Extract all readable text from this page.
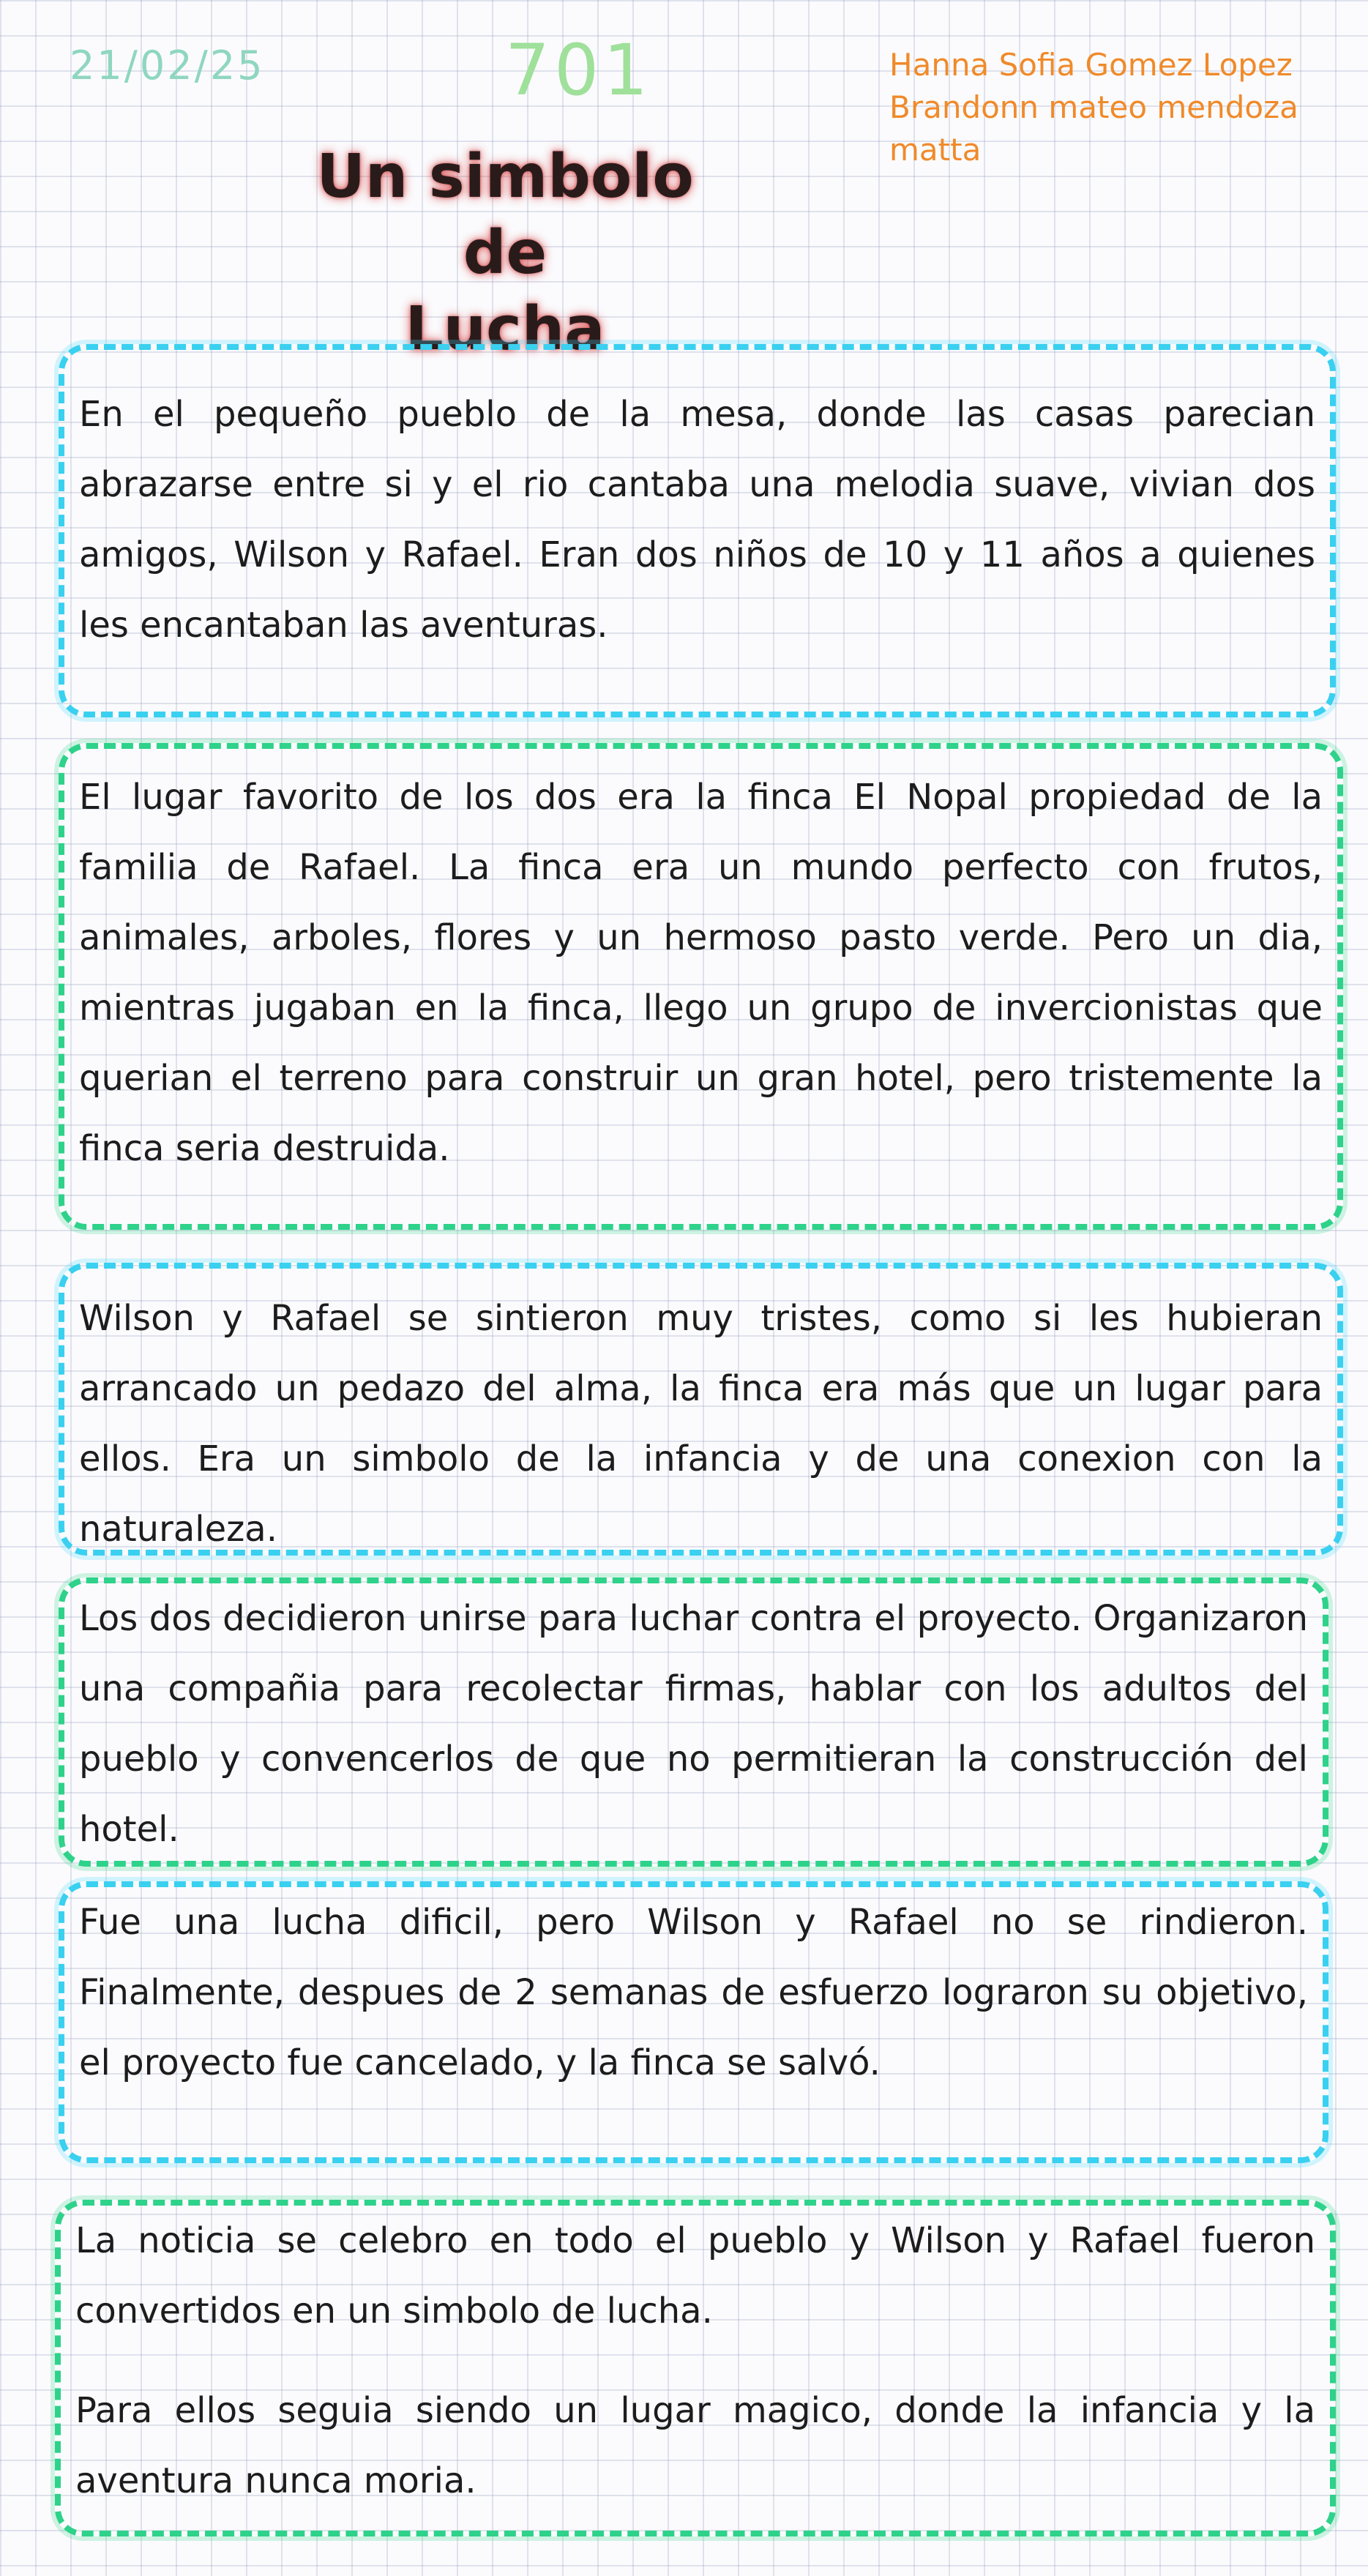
21/02/25	701	Hanna Sofia Gomez Lopez
Brandonn mateo mendoza
matta
Un simbolo de
Lucha

En el pequeño pueblo de la mesa, donde las casas parecian abrazarse entre si y el rio cantaba una melodia suave, vivian dos amigos, Wilson y Rafael. Eran dos niños de 10 y 11 años a quienes les encantaban las aventuras.

El lugar favorito de los dos era la finca El Nopal propiedad de la familia de Rafael. La finca era un mundo perfecto con frutos, animales, arboles, flores y un hermoso pasto verde. Pero un dia, mientras jugaban en la finca, llego un grupo de invercionistas que querian el terreno para construir un gran hotel, pero tristemente la finca seria destruida.

Wilson y Rafael se sintieron muy tristes, como si les hubieran arrancado un pedazo del alma, la finca era más que un lugar para ellos. Era un simbolo de la infancia y de una conexion con la naturaleza.

Los dos decidieron unirse para luchar contra el proyecto. Organizaron una compañia para recolectar firmas, hablar con los adultos del pueblo y convencerlos de que no permitieran la construcción del hotel.

Fue una lucha dificil, pero Wilson y Rafael no se rindieron. Finalmente, despues de 2 semanas de esfuerzo lograron su objetivo, el proyecto fue cancelado, y la finca se salvó.

La noticia se celebro en todo el pueblo y Wilson y Rafael fueron convertidos en un simbolo de lucha.

Para ellos seguia siendo un lugar magico, donde la infancia y la aventura nunca moria.
